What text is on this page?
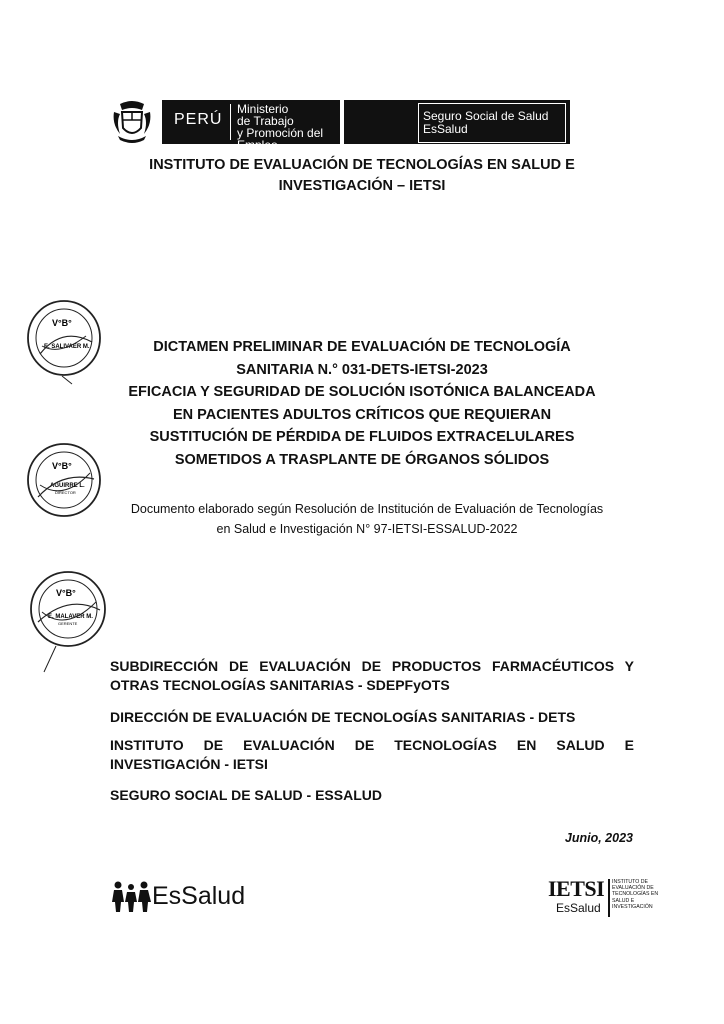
PERÚ
Ministerio
de Trabajo
y Promoción del Empleo
Seguro Social de Salud
EsSalud
INSTITUTO DE EVALUACIÓN DE TECNOLOGÍAS EN SALUD E
INVESTIGACIÓN – IETSI
V°B°
E. SALIVAER M.
V°B°
AGUIRRE L.
DIRECTOR
V°B°
E. MALAVER M.
GERENTE
DICTAMEN PRELIMINAR DE EVALUACIÓN DE TECNOLOGÍA
SANITARIA N.° 031-DETS-IETSI-2023
EFICACIA Y SEGURIDAD DE SOLUCIÓN ISOTÓNICA BALANCEADA
EN PACIENTES ADULTOS CRÍTICOS QUE REQUIERAN
SUSTITUCIÓN DE PÉRDIDA DE FLUIDOS EXTRACELULARES
SOMETIDOS A TRASPLANTE DE ÓRGANOS SÓLIDOS
Documento elaborado según Resolución de Institución de Evaluación de Tecnologías
en Salud e Investigación N° 97-IETSI-ESSALUD-2022
SUBDIRECCIÓN DE EVALUACIÓN DE PRODUCTOS FARMACÉUTICOS Y
OTRAS TECNOLOGÍAS SANITARIAS - SDEPFyOTS
DIRECCIÓN DE EVALUACIÓN DE TECNOLOGÍAS SANITARIAS - DETS
INSTITUTO DE EVALUACIÓN DE TECNOLOGÍAS EN SALUD E
INVESTIGACIÓN - IETSI
SEGURO SOCIAL DE SALUD - ESSALUD
Junio, 2023
EsSalud	IETSI
EsSalud
INSTITUTO DE
EVALUACIÓN DE
TECNOLOGÍAS EN
SALUD E
INVESTIGACIÓN
